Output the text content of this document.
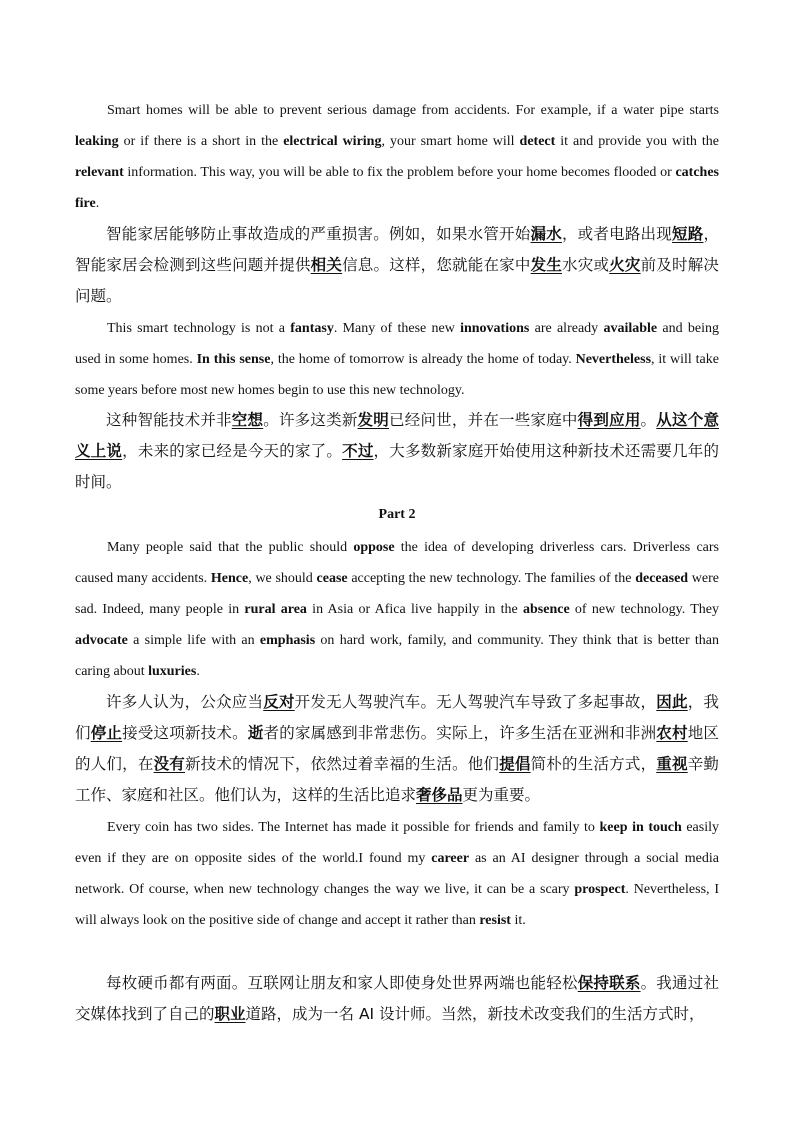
Smart homes will be able to prevent serious damage from accidents. For example, if a water pipe starts leaking or if there is a short in the electrical wiring, your smart home will detect it and provide you with the relevant information. This way, you will be able to fix the problem before your home becomes flooded or catches fire.

智能家居能够防止事故造成的严重损害。例如，如果水管开始漏水，或者电路出现短路，智能家居会检测到这些问题并提供相关信息。这样，您就能在家中发生水灾或火灾前及时解决问题。

This smart technology is not a fantasy. Many of these new innovations are already available and being used in some homes. In this sense, the home of tomorrow is already the home of today. Nevertheless, it will take some years before most new homes begin to use this new technology.

这种智能技术并非空想。许多这类新发明已经问世，并在一些家庭中得到应用。从这个意义上说，未来的家已经是今天的家了。不过，大多数新家庭开始使用这种新技术还需要几年的时间。

Part 2

Many people said that the public should oppose the idea of developing driverless cars. Driverless cars caused many accidents. Hence, we should cease accepting the new technology. The families of the deceased were sad. Indeed, many people in rural area in Asia or Afica live happily in the absence of new technology. They advocate a simple life with an emphasis on hard work, family, and community. They think that is better than caring about luxuries.

许多人认为，公众应当反对开发无人驾驶汽车。无人驾驶汽车导致了多起事故，因此，我们停止接受这项新技术。逝者的家属感到非常悲伤。实际上，许多生活在亚洲和非洲农村地区的人们，在没有新技术的情况下，依然过着幸福的生活。他们提倡简朴的生活方式，重视辛勤工作、家庭和社区。他们认为，这样的生活比追求奢侈品更为重要。

Every coin has two sides. The Internet has made it possible for friends and family to keep in touch easily even if they are on opposite sides of the world.I found my career as an AI designer through a social media network. Of course, when new technology changes the way we live, it can be a scary prospect. Nevertheless, I will always look on the positive side of change and accept it rather than resist it.

每枚硬币都有两面。互联网让朋友和家人即使身处世界两端也能轻松保持联系。我通过社交媒体找到了自己的职业道路，成为一名 AI 设计师。当然，新技术改变我们的生活方式时，
